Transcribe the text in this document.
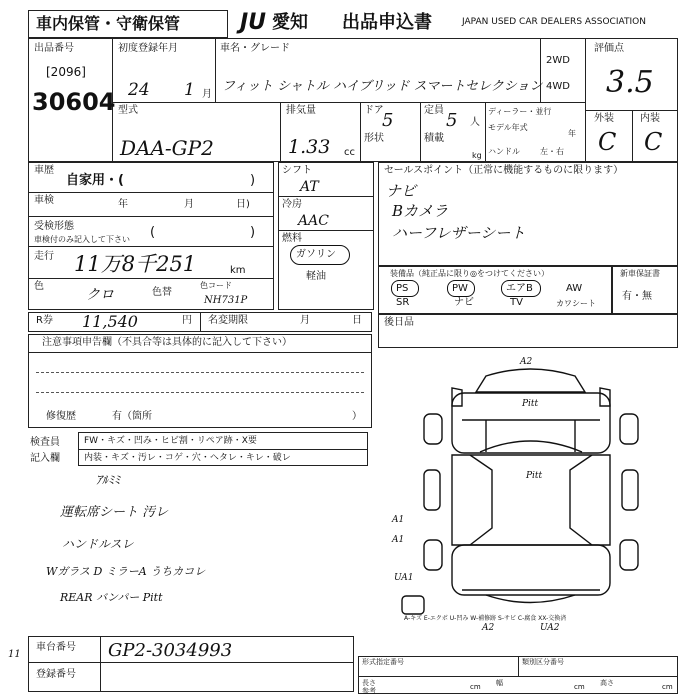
車内保管・守衛保管	JU 愛知 出品申込書	JAPAN USED CAR DEALERS ASSOCIATION
出品番号
[2096]
30604
初度登録年月
24 1 月
車名・グレード
フィット シャトル ハイブリッド スマートセレクション
2WD
4WD
評価点
3.5
外装	内装
C C
型式
DAA-GP2
排気量
1.33 cc
ドア
5
形状
定員 5 人
積載
kg
ディーラー・並行
モデル年式
年
ハンドル	左・右
車歴
自家用・(	)
車検	年	月	日)
受検形態
車検付のみ記入して下さい (	)
走行 11万8千251	km
色
クロ	色替
色コード
NH731P
シフト
AT
冷房
AAC
燃料
ガソリン
軽油
セールスポイント（正常に機能するものに限ります）
ナビ
Bカメラ
ハーフレザーシート
装備品（純正品に限り◎をつけてください）	新車保証書
有・無
PS	PW	エアB	AW
SR	ナビ	TV	カワシート
R券 11,540	円 名変期限	月	日 後日品
注意事項申告欄（不具合等は具体的に記入して下さい）
修復歴	有（箇所	）
検査員
記入欄
FW・キズ・凹み・ヒビ割・リペア跡・X要
内装・キズ・汚レ・コゲ・穴・ヘタレ・キレ・破レ
ｱﾙﾐﾐ
運転席シート 汚レ
ハンドルスレ
Wガラス D ミラーA うちカコレ
REAR バンパー Pitt
A2
Pitt
Pitt
A1
A1
UA1
A2	UA2
A-キズ E-エクボ U-凹み W-補修跡 S-サビ C-腐食 XX-交換済
車台番号 GP2-3034993
登録番号
11
形式指定番号	類別区分番号
長さ
参考	cm 幅	cm 高さ	cm
